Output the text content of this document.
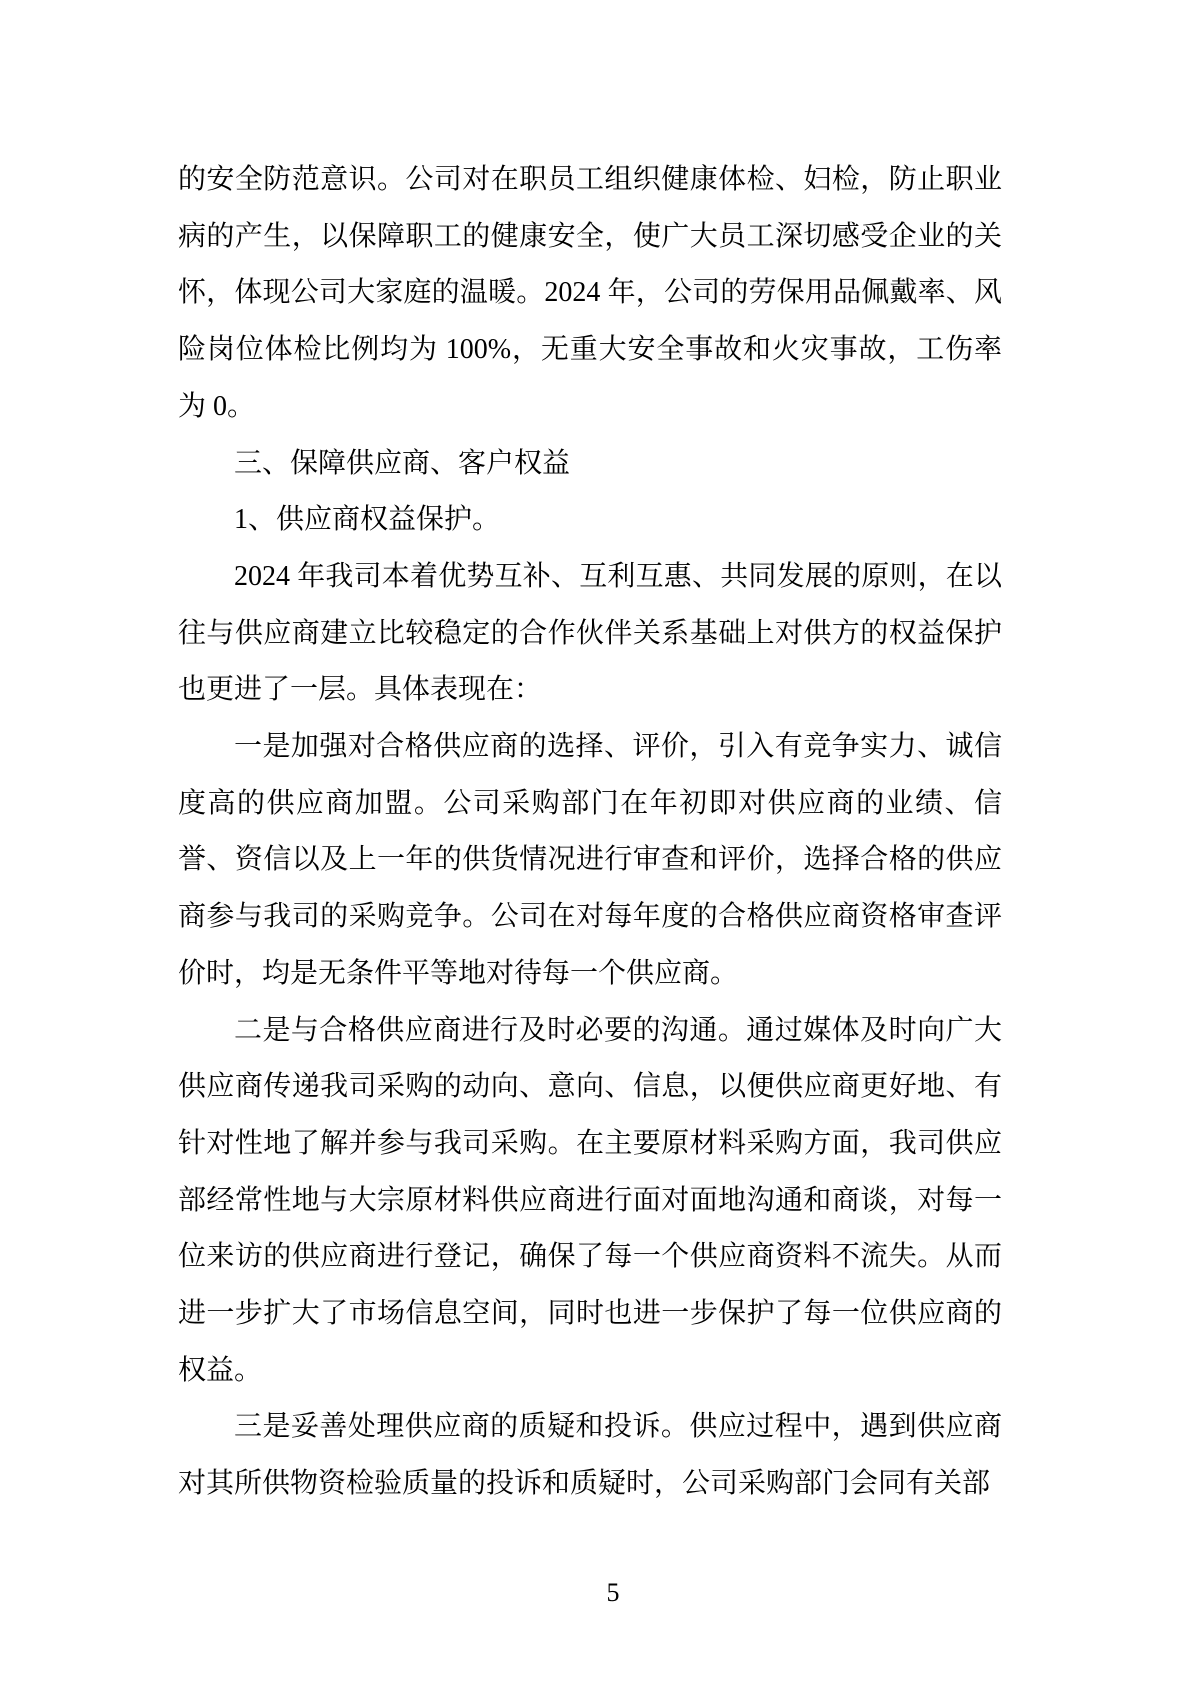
的安全防范意识。公司对在职员工组织健康体检、妇检，防止职业病的产生，以保障职工的健康安全，使广大员工深切感受企业的关怀，体现公司大家庭的温暖。2024 年，公司的劳保用品佩戴率、风险岗位体检比例均为 100%，无重大安全事故和火灾事故，工伤率为 0。

三、保障供应商、客户权益

1、供应商权益保护。

2024 年我司本着优势互补、互利互惠、共同发展的原则，在以往与供应商建立比较稳定的合作伙伴关系基础上对供方的权益保护也更进了一层。具体表现在：

一是加强对合格供应商的选择、评价，引入有竞争实力、诚信度高的供应商加盟。公司采购部门在年初即对供应商的业绩、信誉、资信以及上一年的供货情况进行审查和评价，选择合格的供应商参与我司的采购竞争。公司在对每年度的合格供应商资格审查评价时，均是无条件平等地对待每一个供应商。

二是与合格供应商进行及时必要的沟通。通过媒体及时向广大供应商传递我司采购的动向、意向、信息，以便供应商更好地、有针对性地了解并参与我司采购。在主要原材料采购方面，我司供应部经常性地与大宗原材料供应商进行面对面地沟通和商谈，对每一位来访的供应商进行登记，确保了每一个供应商资料不流失。从而进一步扩大了市场信息空间，同时也进一步保护了每一位供应商的权益。

三是妥善处理供应商的质疑和投诉。供应过程中，遇到供应商对其所供物资检验质量的投诉和质疑时，公司采购部门会同有关部

5
